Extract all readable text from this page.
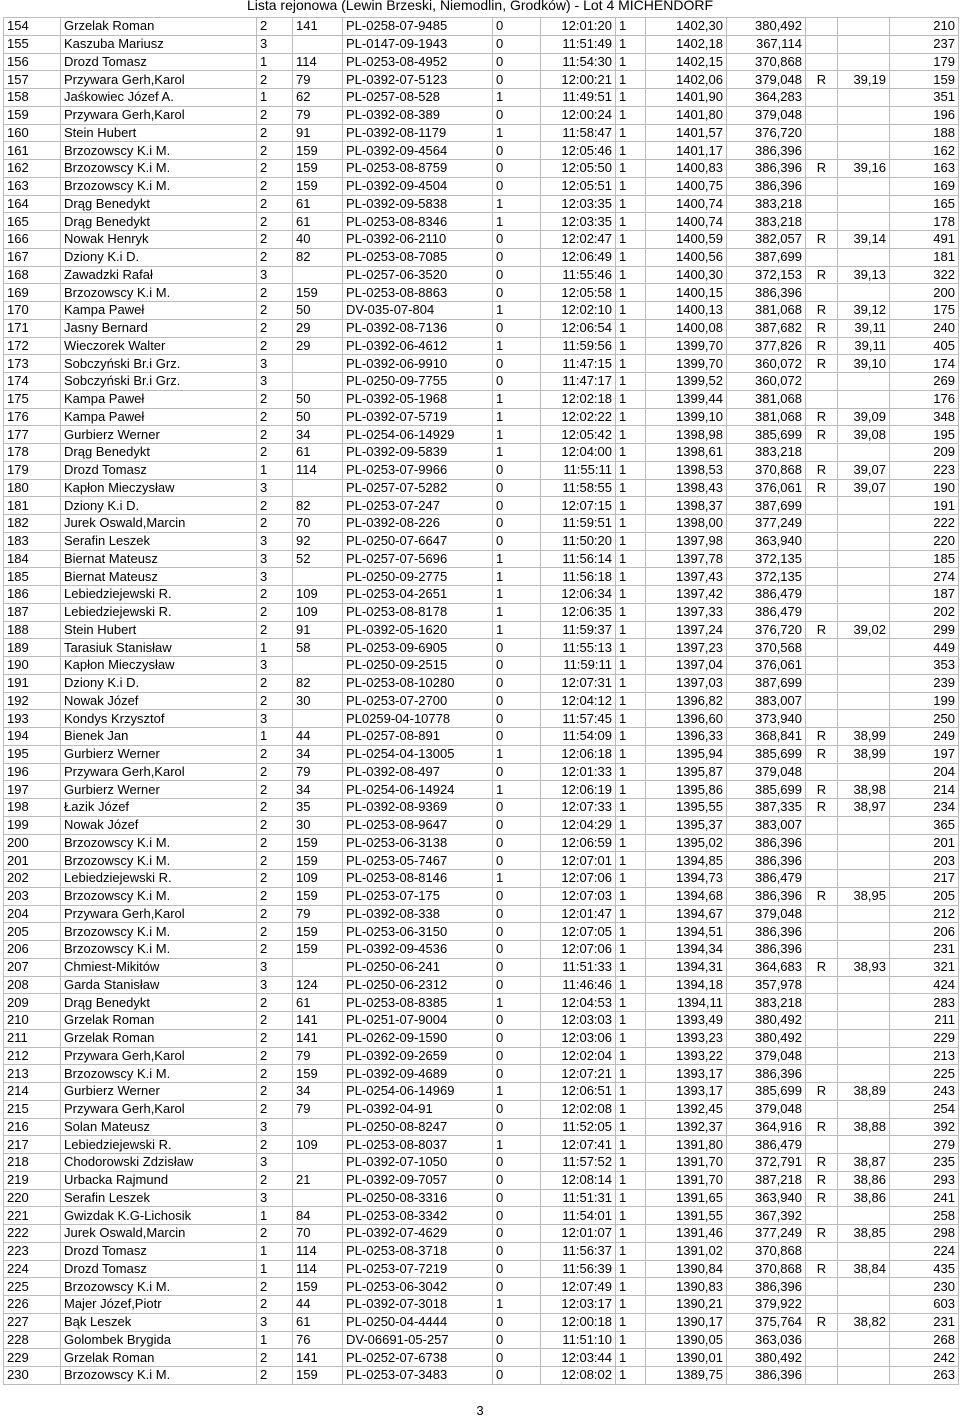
Lista rejonowa (Lewin Brzeski, Niemodlin, Grodków) - Lot 4 MICHENDORF
154	Grzelak Roman	2	141	PL-0258-07-9485	0	12:01:20	1	1402,30	380,492			210
155	Kaszuba Mariusz	3		PL-0147-09-1943	0	11:51:49	1	1402,18	367,114			237
156	Drozd Tomasz	1	114	PL-0253-08-4952	0	11:54:30	1	1402,15	370,868			179
157	Przywara Gerh,Karol	2	79	PL-0392-07-5123	0	12:00:21	1	1402,06	379,048	R	39,19	159
158	Jaśkowiec Józef A.	1	62	PL-0257-08-528	1	11:49:51	1	1401,90	364,283			351
159	Przywara Gerh,Karol	2	79	PL-0392-08-389	0	12:00:24	1	1401,80	379,048			196
160	Stein Hubert	2	91	PL-0392-08-1179	1	11:58:47	1	1401,57	376,720			188
161	Brzozowscy K.i M.	2	159	PL-0392-09-4564	0	12:05:46	1	1401,17	386,396			162
162	Brzozowscy K.i M.	2	159	PL-0253-08-8759	0	12:05:50	1	1400,83	386,396	R	39,16	163
163	Brzozowscy K.i M.	2	159	PL-0392-09-4504	0	12:05:51	1	1400,75	386,396			169
164	Drąg Benedykt	2	61	PL-0392-09-5838	1	12:03:35	1	1400,74	383,218			165
165	Drąg Benedykt	2	61	PL-0253-08-8346	1	12:03:35	1	1400,74	383,218			178
166	Nowak Henryk	2	40	PL-0392-06-2110	0	12:02:47	1	1400,59	382,057	R	39,14	491
167	Dziony K.i D.	2	82	PL-0253-08-7085	0	12:06:49	1	1400,56	387,699			181
168	Zawadzki Rafał	3		PL-0257-06-3520	0	11:55:46	1	1400,30	372,153	R	39,13	322
169	Brzozowscy K.i M.	2	159	PL-0253-08-8863	0	12:05:58	1	1400,15	386,396			200
170	Kampa Paweł	2	50	DV-035-07-804	1	12:02:10	1	1400,13	381,068	R	39,12	175
171	Jasny Bernard	2	29	PL-0392-08-7136	0	12:06:54	1	1400,08	387,682	R	39,11	240
172	Wieczorek Walter	2	29	PL-0392-06-4612	1	11:59:56	1	1399,70	377,826	R	39,11	405
173	Sobczyński Br.i Grz.	3		PL-0392-06-9910	0	11:47:15	1	1399,70	360,072	R	39,10	174
174	Sobczyński Br.i Grz.	3		PL-0250-09-7755	0	11:47:17	1	1399,52	360,072			269
175	Kampa Paweł	2	50	PL-0392-05-1968	1	12:02:18	1	1399,44	381,068			176
176	Kampa Paweł	2	50	PL-0392-07-5719	1	12:02:22	1	1399,10	381,068	R	39,09	348
177	Gurbierz Werner	2	34	PL-0254-06-14929	1	12:05:42	1	1398,98	385,699	R	39,08	195
178	Drąg Benedykt	2	61	PL-0392-09-5839	1	12:04:00	1	1398,61	383,218			209
179	Drozd Tomasz	1	114	PL-0253-07-9966	0	11:55:11	1	1398,53	370,868	R	39,07	223
180	Kapłon Mieczysław	3		PL-0257-07-5282	0	11:58:55	1	1398,43	376,061	R	39,07	190
181	Dziony K.i D.	2	82	PL-0253-07-247	0	12:07:15	1	1398,37	387,699			191
182	Jurek Oswald,Marcin	2	70	PL-0392-08-226	0	11:59:51	1	1398,00	377,249			222
183	Serafin Leszek	3	92	PL-0250-07-6647	0	11:50:20	1	1397,98	363,940			220
184	Biernat Mateusz	3	52	PL-0257-07-5696	1	11:56:14	1	1397,78	372,135			185
185	Biernat Mateusz	3		PL-0250-09-2775	1	11:56:18	1	1397,43	372,135			274
186	Lebiedziejewski R.	2	109	PL-0253-04-2651	1	12:06:34	1	1397,42	386,479			187
187	Lebiedziejewski R.	2	109	PL-0253-08-8178	1	12:06:35	1	1397,33	386,479			202
188	Stein Hubert	2	91	PL-0392-05-1620	1	11:59:37	1	1397,24	376,720	R	39,02	299
189	Tarasiuk Stanisław	1	58	PL-0253-09-6905	0	11:55:13	1	1397,23	370,568			449
190	Kapłon Mieczysław	3		PL-0250-09-2515	0	11:59:11	1	1397,04	376,061			353
191	Dziony K.i D.	2	82	PL-0253-08-10280	0	12:07:31	1	1397,03	387,699			239
192	Nowak Józef	2	30	PL-0253-07-2700	0	12:04:12	1	1396,82	383,007			199
193	Kondys Krzysztof	3		PL0259-04-10778	0	11:57:45	1	1396,60	373,940			250
194	Bienek Jan	1	44	PL-0257-08-891	0	11:54:09	1	1396,33	368,841	R	38,99	249
195	Gurbierz Werner	2	34	PL-0254-04-13005	1	12:06:18	1	1395,94	385,699	R	38,99	197
196	Przywara Gerh,Karol	2	79	PL-0392-08-497	0	12:01:33	1	1395,87	379,048			204
197	Gurbierz Werner	2	34	PL-0254-06-14924	1	12:06:19	1	1395,86	385,699	R	38,98	214
198	Łazik Józef	2	35	PL-0392-08-9369	0	12:07:33	1	1395,55	387,335	R	38,97	234
199	Nowak Józef	2	30	PL-0253-08-9647	0	12:04:29	1	1395,37	383,007			365
200	Brzozowscy K.i M.	2	159	PL-0253-06-3138	0	12:06:59	1	1395,02	386,396			201
201	Brzozowscy K.i M.	2	159	PL-0253-05-7467	0	12:07:01	1	1394,85	386,396			203
202	Lebiedziejewski R.	2	109	PL-0253-08-8146	1	12:07:06	1	1394,73	386,479			217
203	Brzozowscy K.i M.	2	159	PL-0253-07-175	0	12:07:03	1	1394,68	386,396	R	38,95	205
204	Przywara Gerh,Karol	2	79	PL-0392-08-338	0	12:01:47	1	1394,67	379,048			212
205	Brzozowscy K.i M.	2	159	PL-0253-06-3150	0	12:07:05	1	1394,51	386,396			206
206	Brzozowscy K.i M.	2	159	PL-0392-09-4536	0	12:07:06	1	1394,34	386,396			231
207	Chmiest-Mikitów	3		PL-0250-06-241	0	11:51:33	1	1394,31	364,683	R	38,93	321
208	Garda Stanisław	3	124	PL-0250-06-2312	0	11:46:46	1	1394,18	357,978			424
209	Drąg Benedykt	2	61	PL-0253-08-8385	1	12:04:53	1	1394,11	383,218			283
210	Grzelak Roman	2	141	PL-0251-07-9004	0	12:03:03	1	1393,49	380,492			211
211	Grzelak Roman	2	141	PL-0262-09-1590	0	12:03:06	1	1393,23	380,492			229
212	Przywara Gerh,Karol	2	79	PL-0392-09-2659	0	12:02:04	1	1393,22	379,048			213
213	Brzozowscy K.i M.	2	159	PL-0392-09-4689	0	12:07:21	1	1393,17	386,396			225
214	Gurbierz Werner	2	34	PL-0254-06-14969	1	12:06:51	1	1393,17	385,699	R	38,89	243
215	Przywara Gerh,Karol	2	79	PL-0392-04-91	0	12:02:08	1	1392,45	379,048			254
216	Solan Mateusz	3		PL-0250-08-8247	0	11:52:05	1	1392,37	364,916	R	38,88	392
217	Lebiedziejewski R.	2	109	PL-0253-08-8037	1	12:07:41	1	1391,80	386,479			279
218	Chodorowski Zdzisław	3		PL-0392-07-1050	0	11:57:52	1	1391,70	372,791	R	38,87	235
219	Urbacka Rajmund	2	21	PL-0392-09-7057	0	12:08:14	1	1391,70	387,218	R	38,86	293
220	Serafin Leszek	3		PL-0250-08-3316	0	11:51:31	1	1391,65	363,940	R	38,86	241
221	Gwizdak K.G-Lichosik	1	84	PL-0253-08-3342	0	11:54:01	1	1391,55	367,392			258
222	Jurek Oswald,Marcin	2	70	PL-0392-07-4629	0	12:01:07	1	1391,46	377,249	R	38,85	298
223	Drozd Tomasz	1	114	PL-0253-08-3718	0	11:56:37	1	1391,02	370,868			224
224	Drozd Tomasz	1	114	PL-0253-07-7219	0	11:56:39	1	1390,84	370,868	R	38,84	435
225	Brzozowscy K.i M.	2	159	PL-0253-06-3042	0	12:07:49	1	1390,83	386,396			230
226	Majer Józef,Piotr	2	44	PL-0392-07-3018	1	12:03:17	1	1390,21	379,922			603
227	Bąk Leszek	3	61	PL-0250-04-4444	0	12:00:18	1	1390,17	375,764	R	38,82	231
228	Golombek Brygida	1	76	DV-06691-05-257	0	11:51:10	1	1390,05	363,036			268
229	Grzelak Roman	2	141	PL-0252-07-6738	0	12:03:44	1	1390,01	380,492			242
230	Brzozowscy K.i M.	2	159	PL-0253-07-3483	0	12:08:02	1	1389,75	386,396			263
3
